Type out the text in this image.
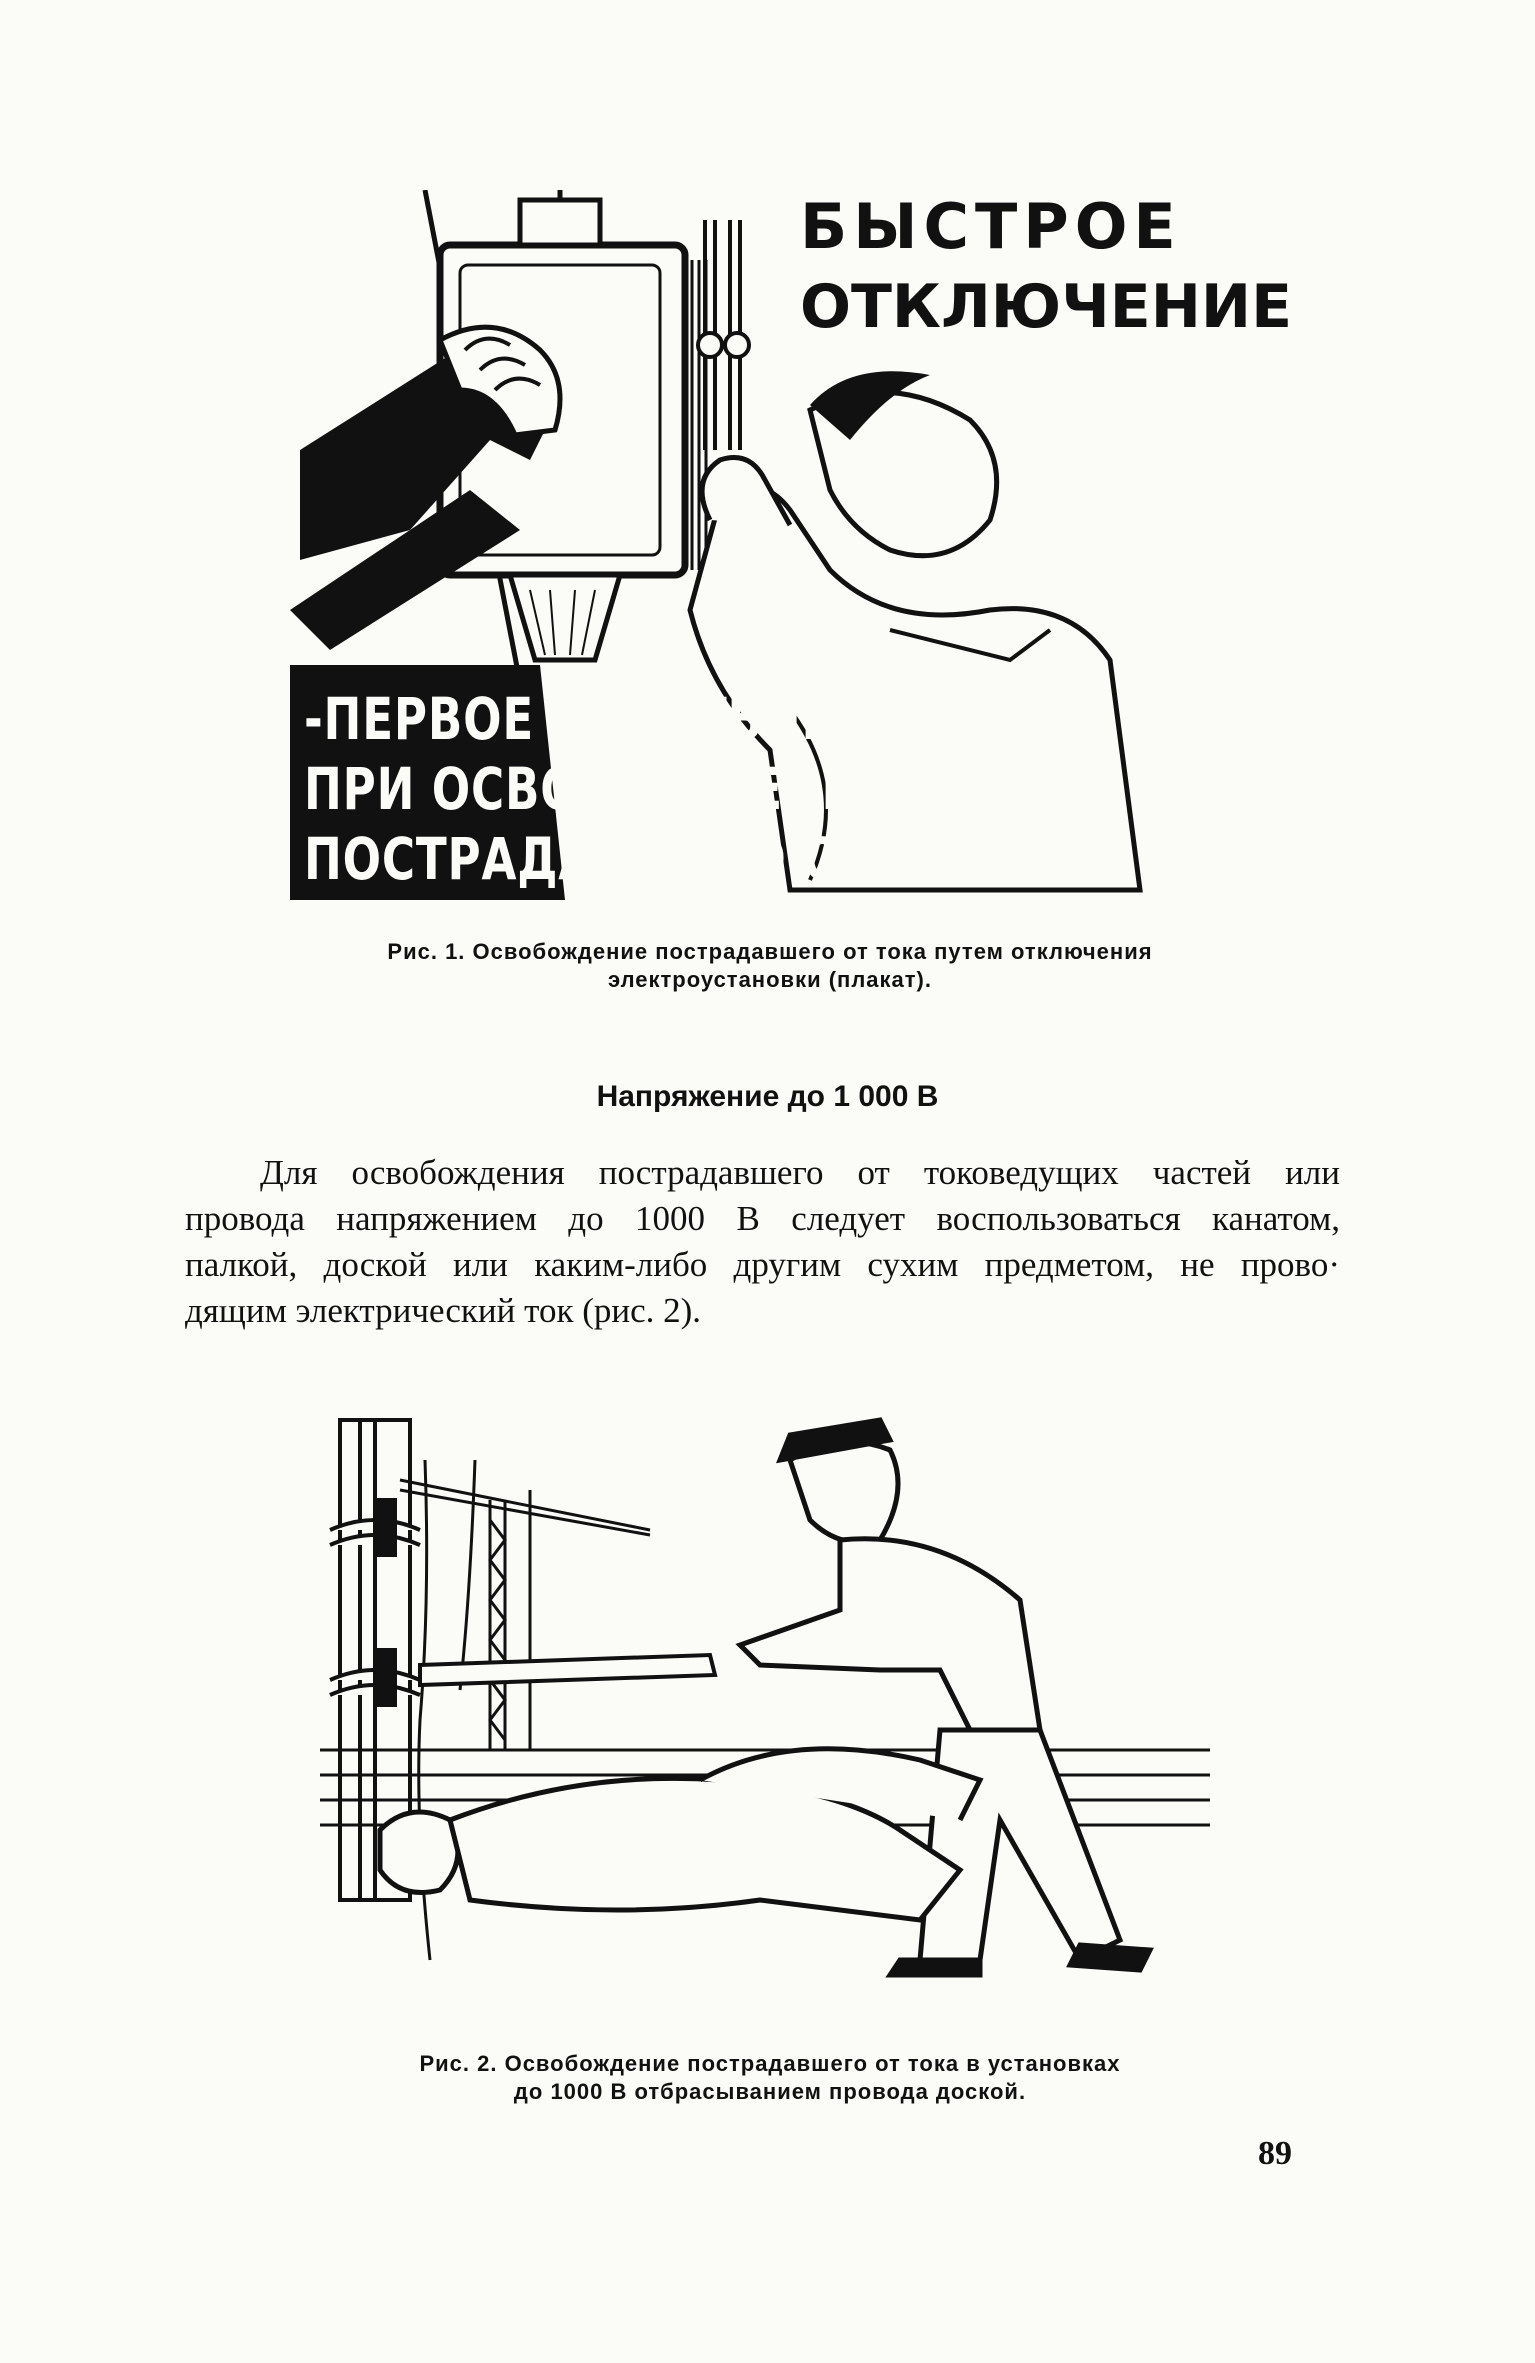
БЫСТРОЕ
ОТКЛЮЧЕНИЕ
-ПЕРВОЕ ДЕЙСТВИЕ
ПРИ ОСВОБОЖДЕНИИ
ПОСТРАДАВШЕГО ОТ ТОКА
Рис. 1. Освобождение пострадавшего от тока путем отключения
электроустановки (плакат).
Напряжение до 1 000 В
Для освобождения пострадавшего от токоведущих частей или
провода напряжением до 1000 В следует воспользоваться канатом,
палкой, доской или каким-либо другим сухим предметом, не прово·
дящим электрический ток (рис. 2).
Рис. 2. Освобождение пострадавшего от тока в установках
до 1000 В отбрасыванием провода доской.
89
